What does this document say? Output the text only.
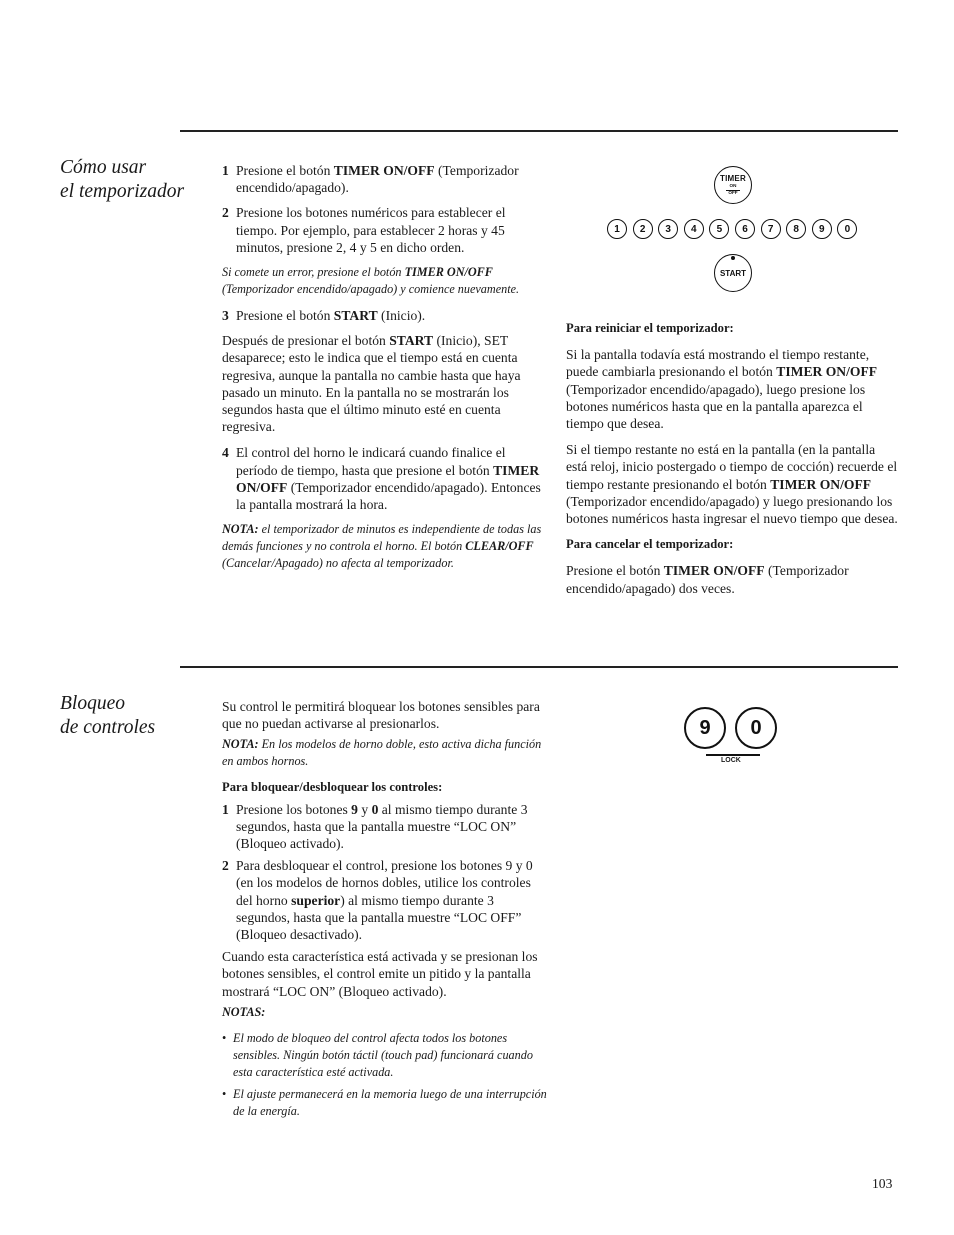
Cómo usar
el temporizador
1 Presione el botón TIMER ON/OFF (Temporizador encendido/apagado).
2 Presione los botones numéricos para establecer el tiempo. Por ejemplo, para establecer 2 horas y 45 minutos, presione 2, 4 y 5 en dicho orden.

Si comete un error, presione el botón TIMER ON/OFF (Temporizador encendido/apagado) y comience nuevamente.

3 Presione el botón START (Inicio).

Después de presionar el botón START (Inicio), SET desaparece; esto le indica que el tiempo está en cuenta regresiva, aunque la pantalla no cambie hasta que haya pasado un minuto. En la pantalla no se mostrarán los segundos hasta que el último minuto esté en cuenta regresiva.

4 El control del horno le indicará cuando finalice el período de tiempo, hasta que presione el botón TIMER ON/OFF (Temporizador encendido/apagado). Entonces la pantalla mostrará la hora.

NOTA: el temporizador de minutos es independiente de todas las demás funciones y no controla el horno. El botón CLEAR/OFF (Cancelar/Apagado) no afecta al temporizador.

TIMER
ON
OFF
1 2 3 4 5 6 7 8 9 0
START

Para reiniciar el temporizador:

Si la pantalla todavía está mostrando el tiempo restante, puede cambiarla presionando el botón TIMER ON/OFF (Temporizador encendido/apagado), luego presione los botones numéricos hasta que en la pantalla aparezca el tiempo que desea.

Si el tiempo restante no está en la pantalla (en la pantalla está reloj, inicio postergado o tiempo de cocción) recuerde el tiempo restante presionando el botón TIMER ON/OFF (Temporizador encendido/apagado) y luego presionando los botones numéricos hasta ingresar el nuevo tiempo que desea.

Para cancelar el temporizador:

Presione el botón TIMER ON/OFF (Temporizador encendido/apagado) dos veces.

Bloqueo
de controles

Su control le permitirá bloquear los botones sensibles para que no puedan activarse al presionarlos.

NOTA: En los modelos de horno doble, esto activa dicha función en ambos hornos.

Para bloquear/desbloquear los controles:

1 Presione los botones 9 y 0 al mismo tiempo durante 3 segundos, hasta que la pantalla muestre “LOC ON” (Bloqueo activado).
2 Para desbloquear el control, presione los botones 9 y 0 (en los modelos de hornos dobles, utilice los controles del horno superior) al mismo tiempo durante 3 segundos, hasta que la pantalla muestre “LOC OFF” (Bloqueo desactivado).

Cuando esta característica está activada y se presionan los botones sensibles, el control emite un pitido y la pantalla mostrará “LOC ON” (Bloqueo activado).

NOTAS:

• El modo de bloqueo del control afecta todos los botones sensibles. Ningún botón táctil (touch pad) funcionará cuando esta característica esté activada.
• El ajuste permanecerá en la memoria luego de una interrupción de la energía.
9 0
LOCK
103
